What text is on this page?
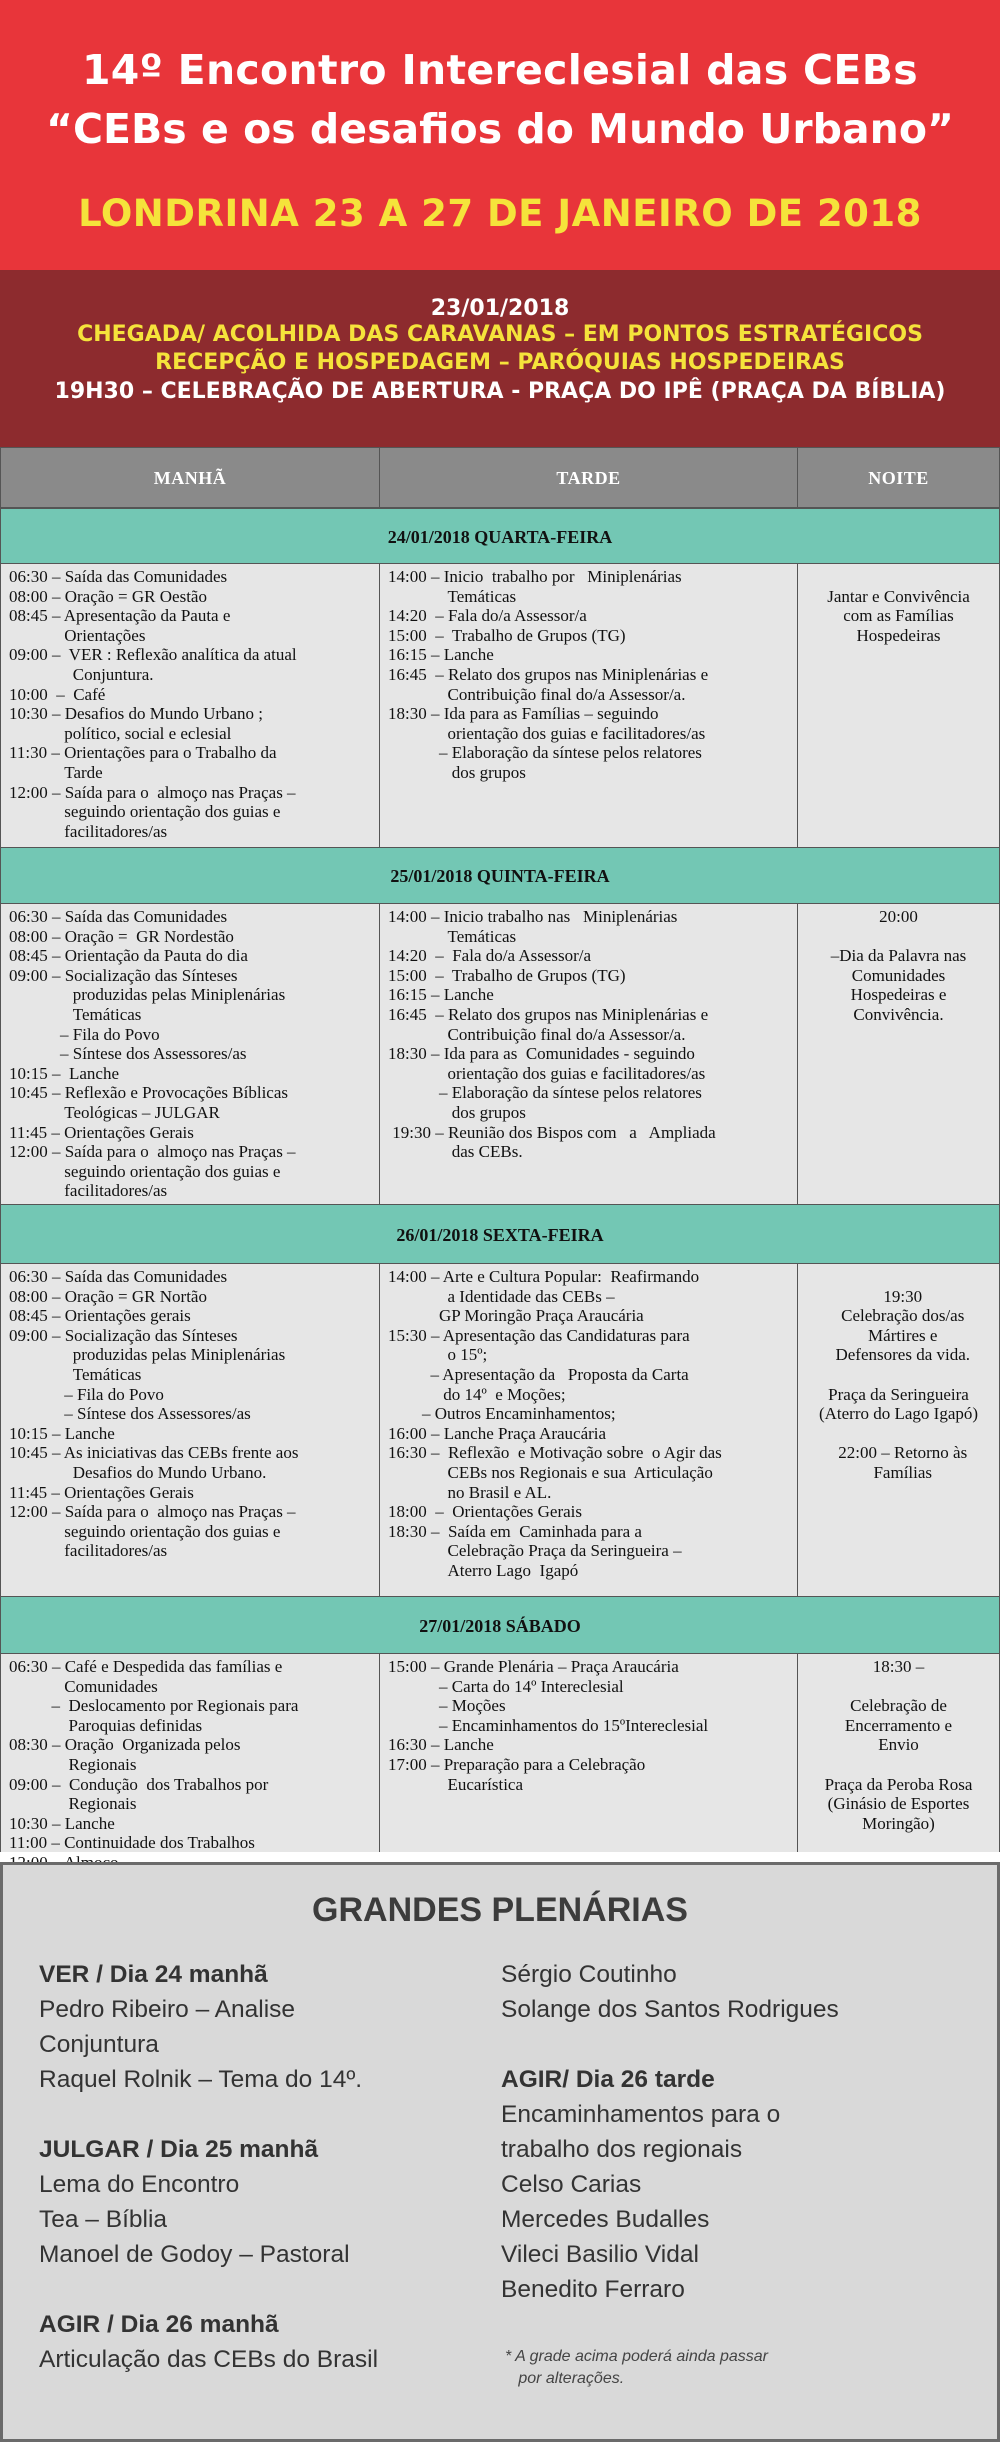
14º Encontro Intereclesial das CEBs
“CEBs e os desafios do Mundo Urbano”
LONDRINA 23 A 27 DE JANEIRO DE 2018
23/01/2018
CHEGADA/ ACOLHIDA DAS CARAVANAS – EM PONTOS ESTRATÉGICOS
RECEPÇÃO E HOSPEDAGEM – PARÓQUIAS HOSPEDEIRAS
19H30 – CELEBRAÇÃO DE ABERTURA - PRAÇA DO IPÊ (PRAÇA DA BÍBLIA)
MANHÃ	TARDE	NOITE
24/01/2018 QUARTA-FEIRA
06:30 – Saída das Comunidades
08:00 – Oração = GR Oestão
08:45 – Apresentação da Pauta e
Orientações
09:00 –  VER : Reflexão analítica da atual
Conjuntura.
10:00  –  Café
10:30 – Desafios do Mundo Urbano ;
político, social e eclesial
11:30 – Orientações para o Trabalho da
Tarde
12:00 – Saída para o  almoço nas Praças –
seguindo orientação dos guias e
facilitadores/as
14:00 – Inicio  trabalho por   Miniplenárias
Temáticas
14:20  – Fala do/a Assessor/a
15:00  –  Trabalho de Grupos (TG)
16:15 – Lanche
16:45  – Relato dos grupos nas Miniplenárias e
Contribuição final do/a Assessor/a.
18:30 – Ida para as Famílias – seguindo
orientação dos guias e facilitadores/as
– Elaboração da síntese pelos relatores
dos grupos

Jantar e Convivência
com as Famílias
Hospedeiras
25/01/2018 QUINTA-FEIRA
06:30 – Saída das Comunidades
08:00 – Oração =  GR Nordestão
08:45 – Orientação da Pauta do dia
09:00 – Socialização das Sínteses
produzidas pelas Miniplenárias
Temáticas
– Fila do Povo
– Síntese dos Assessores/as
10:15 –  Lanche
10:45 – Reflexão e Provocações Bíblicas
Teológicas – JULGAR
11:45 – Orientações Gerais
12:00 – Saída para o  almoço nas Praças –
seguindo orientação dos guias e
facilitadores/as
14:00 – Inicio trabalho nas   Miniplenárias
Temáticas
14:20  –  Fala do/a Assessor/a
15:00  –  Trabalho de Grupos (TG)
16:15 – Lanche
16:45  – Relato dos grupos nas Miniplenárias e
Contribuição final do/a Assessor/a.
18:30 – Ida para as  Comunidades - seguindo
orientação dos guias e facilitadores/as
– Elaboração da síntese pelos relatores
dos grupos
19:30 – Reunião dos Bispos com   a   Ampliada
das CEBs.
20:00

–Dia da Palavra nas
Comunidades
Hospedeiras e
Convivência.
26/01/2018 SEXTA-FEIRA
06:30 – Saída das Comunidades
08:00 – Oração = GR Nortão
08:45 – Orientações gerais
09:00 – Socialização das Sínteses
produzidas pelas Miniplenárias
Temáticas
– Fila do Povo
– Síntese dos Assessores/as
10:15 – Lanche
10:45 – As iniciativas das CEBs frente aos
Desafios do Mundo Urbano.
11:45 – Orientações Gerais
12:00 – Saída para o  almoço nas Praças –
seguindo orientação dos guias e
facilitadores/as
14:00 – Arte e Cultura Popular:  Reafirmando
a Identidade das CEBs –
GP Moringão Praça Araucária
15:30 – Apresentação das Candidaturas para
o 15º;
– Apresentação da   Proposta da Carta
do 14º  e Moções;
– Outros Encaminhamentos;
16:00 – Lanche Praça Araucária
16:30 –  Reflexão  e Motivação sobre  o Agir das
CEBs nos Regionais e sua  Articulação
no Brasil e AL.
18:00  –  Orientações Gerais
18:30 –  Saída em  Caminhada para a
Celebração Praça da Seringueira –
Aterro Lago  Igapó

19:30
Celebração dos/as
Mártires e
Defensores da vida.

Praça da Seringueira
(Aterro do Lago Igapó)

22:00 – Retorno às
Famílias
27/01/2018 SÁBADO
06:30 – Café e Despedida das famílias e
Comunidades
–  Deslocamento por Regionais para
Paroquias definidas
08:30 – Oração  Organizada pelos
Regionais
09:00 –  Condução  dos Trabalhos por
Regionais
10:30 – Lanche
11:00 – Continuidade dos Trabalhos
15:00 – Grande Plenária – Praça Araucária
– Carta do 14º Intereclesial
– Moções
– Encaminhamentos do 15ºIntereclesial
16:30 – Lanche
17:00 – Preparação para a Celebração
Eucarística
18:30 –

Celebração de
Encerramento e
Envio

Praça da Peroba Rosa
(Ginásio de Esportes
Moringão)
GRANDES PLENÁRIAS
VER / Dia 24 manhã
Pedro Ribeiro – Analise
Conjuntura
Raquel Rolnik – Tema do 14º.
JULGAR / Dia 25 manhã
Lema do Encontro
Tea – Bíblia
Manoel de Godoy – Pastoral
AGIR / Dia 26 manhã
Articulação das CEBs do Brasil
Sérgio Coutinho
Solange dos Santos Rodrigues
AGIR/ Dia 26 tarde
Encaminhamentos para o
trabalho dos regionais
Celso Carias
Mercedes Budalles
Vileci Basilio Vidal
Benedito Ferraro
* A grade acima poderá ainda passar
por alterações.
